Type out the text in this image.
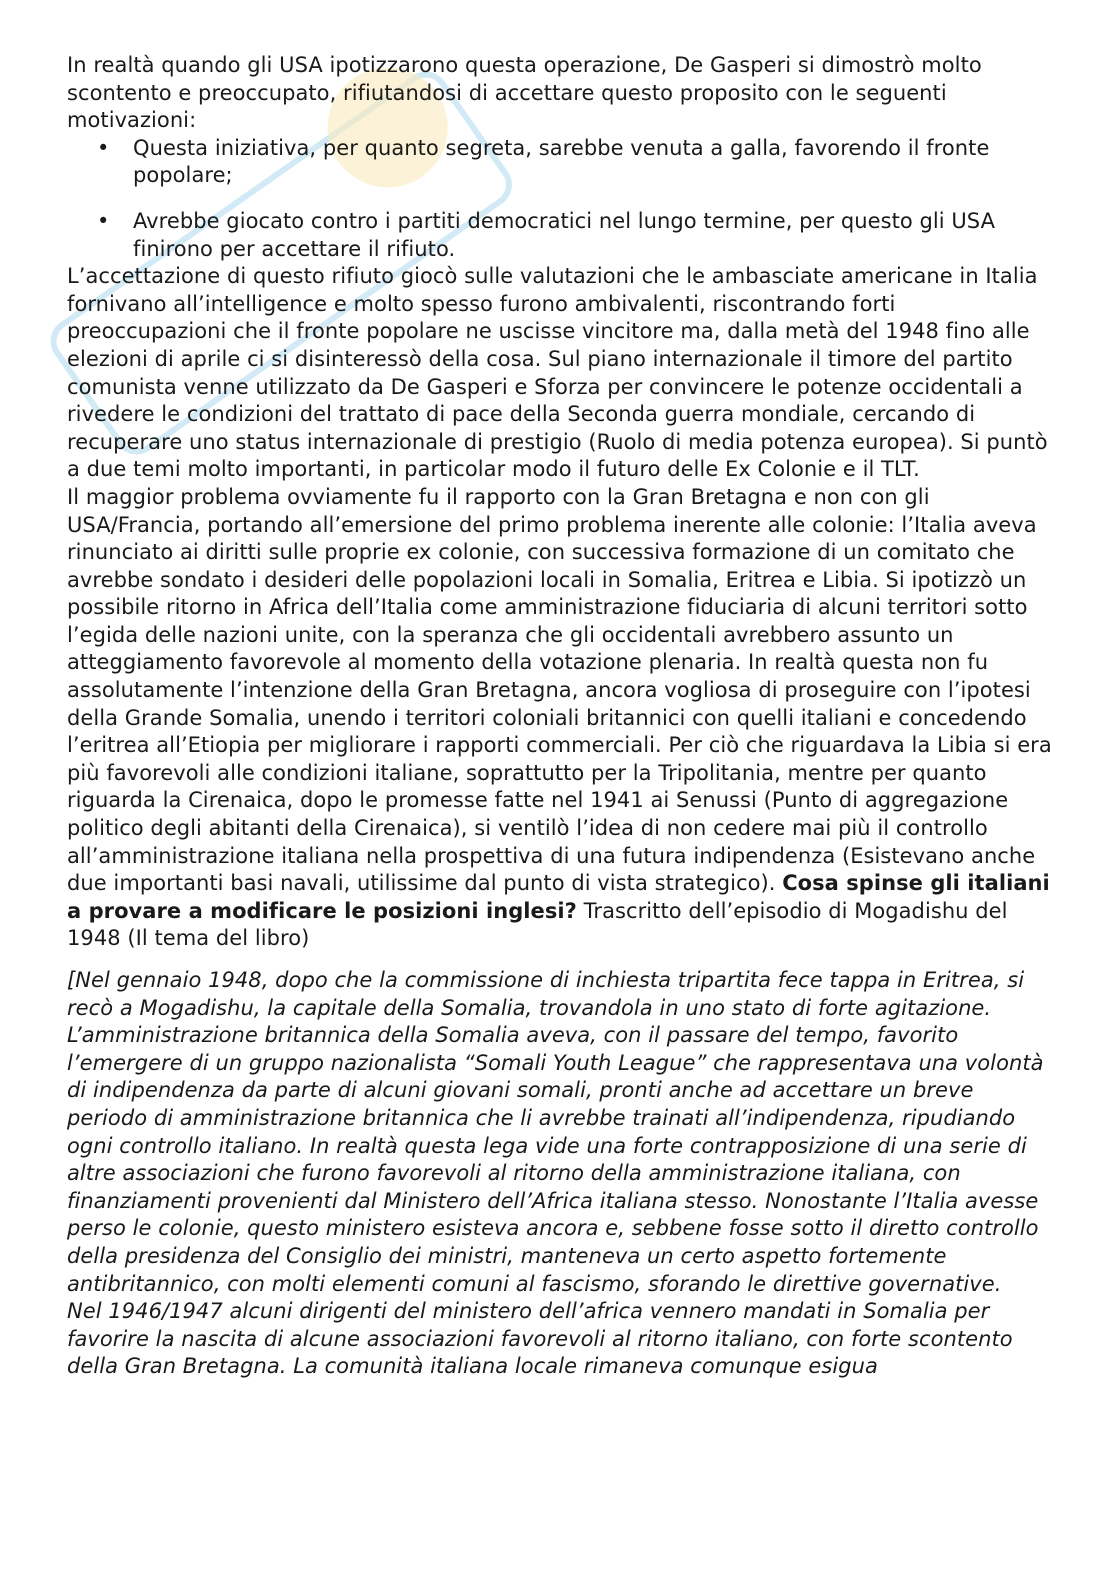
In realtà quando gli USA ipotizzarono questa operazione, De Gasperi si dimostrò molto scontento e preoccupato, rifiutandosi di accettare questo proposito con le seguenti motivazioni:

• Questa iniziativa, per quanto segreta, sarebbe venuta a galla, favorendo il fronte popolare;
• Avrebbe giocato contro i partiti democratici nel lungo termine, per questo gli USA finirono per accettare il rifiuto.

L’accettazione di questo rifiuto giocò sulle valutazioni che le ambasciate americane in Italia fornivano all’intelligence e molto spesso furono ambivalenti, riscontrando forti preoccupazioni che il fronte popolare ne uscisse vincitore ma, dalla metà del 1948 fino alle elezioni di aprile ci si disinteressò della cosa. Sul piano internazionale il timore del partito comunista venne utilizzato da De Gasperi e Sforza per convincere le potenze occidentali a rivedere le condizioni del trattato di pace della Seconda guerra mondiale, cercando di recuperare uno status internazionale di prestigio (Ruolo di media potenza europea). Si puntò a due temi molto importanti, in particolar modo il futuro delle Ex Colonie e il TLT.

Il maggior problema ovviamente fu il rapporto con la Gran Bretagna e non con gli USA/Francia, portando all’emersione del primo problema inerente alle colonie: l’Italia aveva rinunciato ai diritti sulle proprie ex colonie, con successiva formazione di un comitato che avrebbe sondato i desideri delle popolazioni locali in Somalia, Eritrea e Libia. Si ipotizzò un possibile ritorno in Africa dell’Italia come amministrazione fiduciaria di alcuni territori sotto l’egida delle nazioni unite, con la speranza che gli occidentali avrebbero assunto un atteggiamento favorevole al momento della votazione plenaria. In realtà questa non fu assolutamente l’intenzione della Gran Bretagna, ancora vogliosa di proseguire con l’ipotesi della Grande Somalia, unendo i territori coloniali britannici con quelli italiani e concedendo l’eritrea all’Etiopia per migliorare i rapporti commerciali. Per ciò che riguardava la Libia si era più favorevoli alle condizioni italiane, soprattutto per la Tripolitania, mentre per quanto riguarda la Cirenaica, dopo le promesse fatte nel 1941 ai Senussi (Punto di aggregazione politico degli abitanti della Cirenaica), si ventilò l’idea di non cedere mai più il controllo all’amministrazione italiana nella prospettiva di una futura indipendenza (Esistevano anche due importanti basi navali, utilissime dal punto di vista strategico). Cosa spinse gli italiani a provare a modificare le posizioni inglesi? Trascritto dell’episodio di Mogadishu del 1948 (Il tema del libro)

[Nel gennaio 1948, dopo che la commissione di inchiesta tripartita fece tappa in Eritrea, si recò a Mogadishu, la capitale della Somalia, trovandola in uno stato di forte agitazione. L’amministrazione britannica della Somalia aveva, con il passare del tempo, favorito l’emergere di un gruppo nazionalista “Somali Youth League” che rappresentava una volontà di indipendenza da parte di alcuni giovani somali, pronti anche ad accettare un breve periodo di amministrazione britannica che li avrebbe trainati all’indipendenza, ripudiando ogni controllo italiano. In realtà questa lega vide una forte contrapposizione di una serie di altre associazioni che furono favorevoli al ritorno della amministrazione italiana, con finanziamenti provenienti dal Ministero dell’Africa italiana stesso. Nonostante l’Italia avesse perso le colonie, questo ministero esisteva ancora e, sebbene fosse sotto il diretto controllo della presidenza del Consiglio dei ministri, manteneva un certo aspetto fortemente antibritannico, con molti elementi comuni al fascismo, sforando le direttive governative.

Nel 1946/1947 alcuni dirigenti del ministero dell’africa vennero mandati in Somalia per favorire la nascita di alcune associazioni favorevoli al ritorno italiano, con forte scontento della Gran Bretagna. La comunità italiana locale rimaneva comunque esigua
